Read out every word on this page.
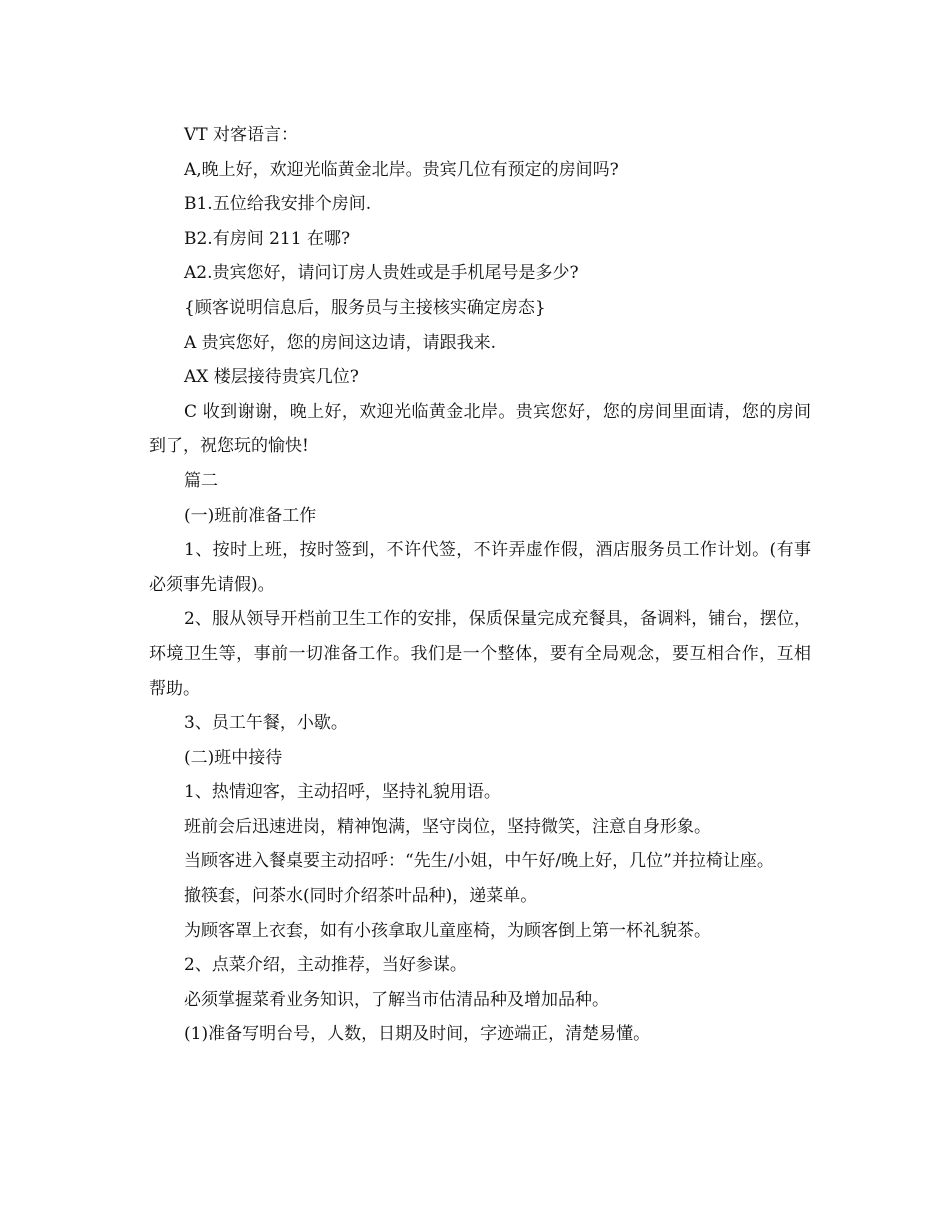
VT 对客语言：

A,晚上好，欢迎光临黄金北岸。贵宾几位有预定的房间吗?

B1.五位给我安排个房间.

B2.有房间 211 在哪?

A2.贵宾您好，请问订房人贵姓或是手机尾号是多少?

{顾客说明信息后，服务员与主接核实确定房态}

A 贵宾您好，您的房间这边请，请跟我来.

AX 楼层接待贵宾几位?

C 收到谢谢，晚上好，欢迎光临黄金北岸。贵宾您好，您的房间里面请，您的房间到了，祝您玩的愉快!

篇二

(一)班前准备工作

1、按时上班，按时签到，不许代签，不许弄虚作假，酒店服务员工作计划。(有事必须事先请假)。

2、服从领导开档前卫生工作的安排，保质保量完成充餐具，备调料，铺台，摆位，环境卫生等，事前一切准备工作。我们是一个整体，要有全局观念，要互相合作，互相帮助。

3、员工午餐，小歇。

(二)班中接待

1、热情迎客，主动招呼，坚持礼貌用语。

班前会后迅速进岗，精神饱满，坚守岗位，坚持微笑，注意自身形象。

当顾客进入餐桌要主动招呼：“先生/小姐，中午好/晚上好，几位”并拉椅让座。

撤筷套，问茶水(同时介绍茶叶品种)，递菜单。

为顾客罩上衣套，如有小孩拿取儿童座椅，为顾客倒上第一杯礼貌茶。

2、点菜介绍，主动推荐，当好参谋。

必须掌握菜肴业务知识，了解当市估清品种及增加品种。

(1)准备写明台号，人数，日期及时间，字迹端正，清楚易懂。
